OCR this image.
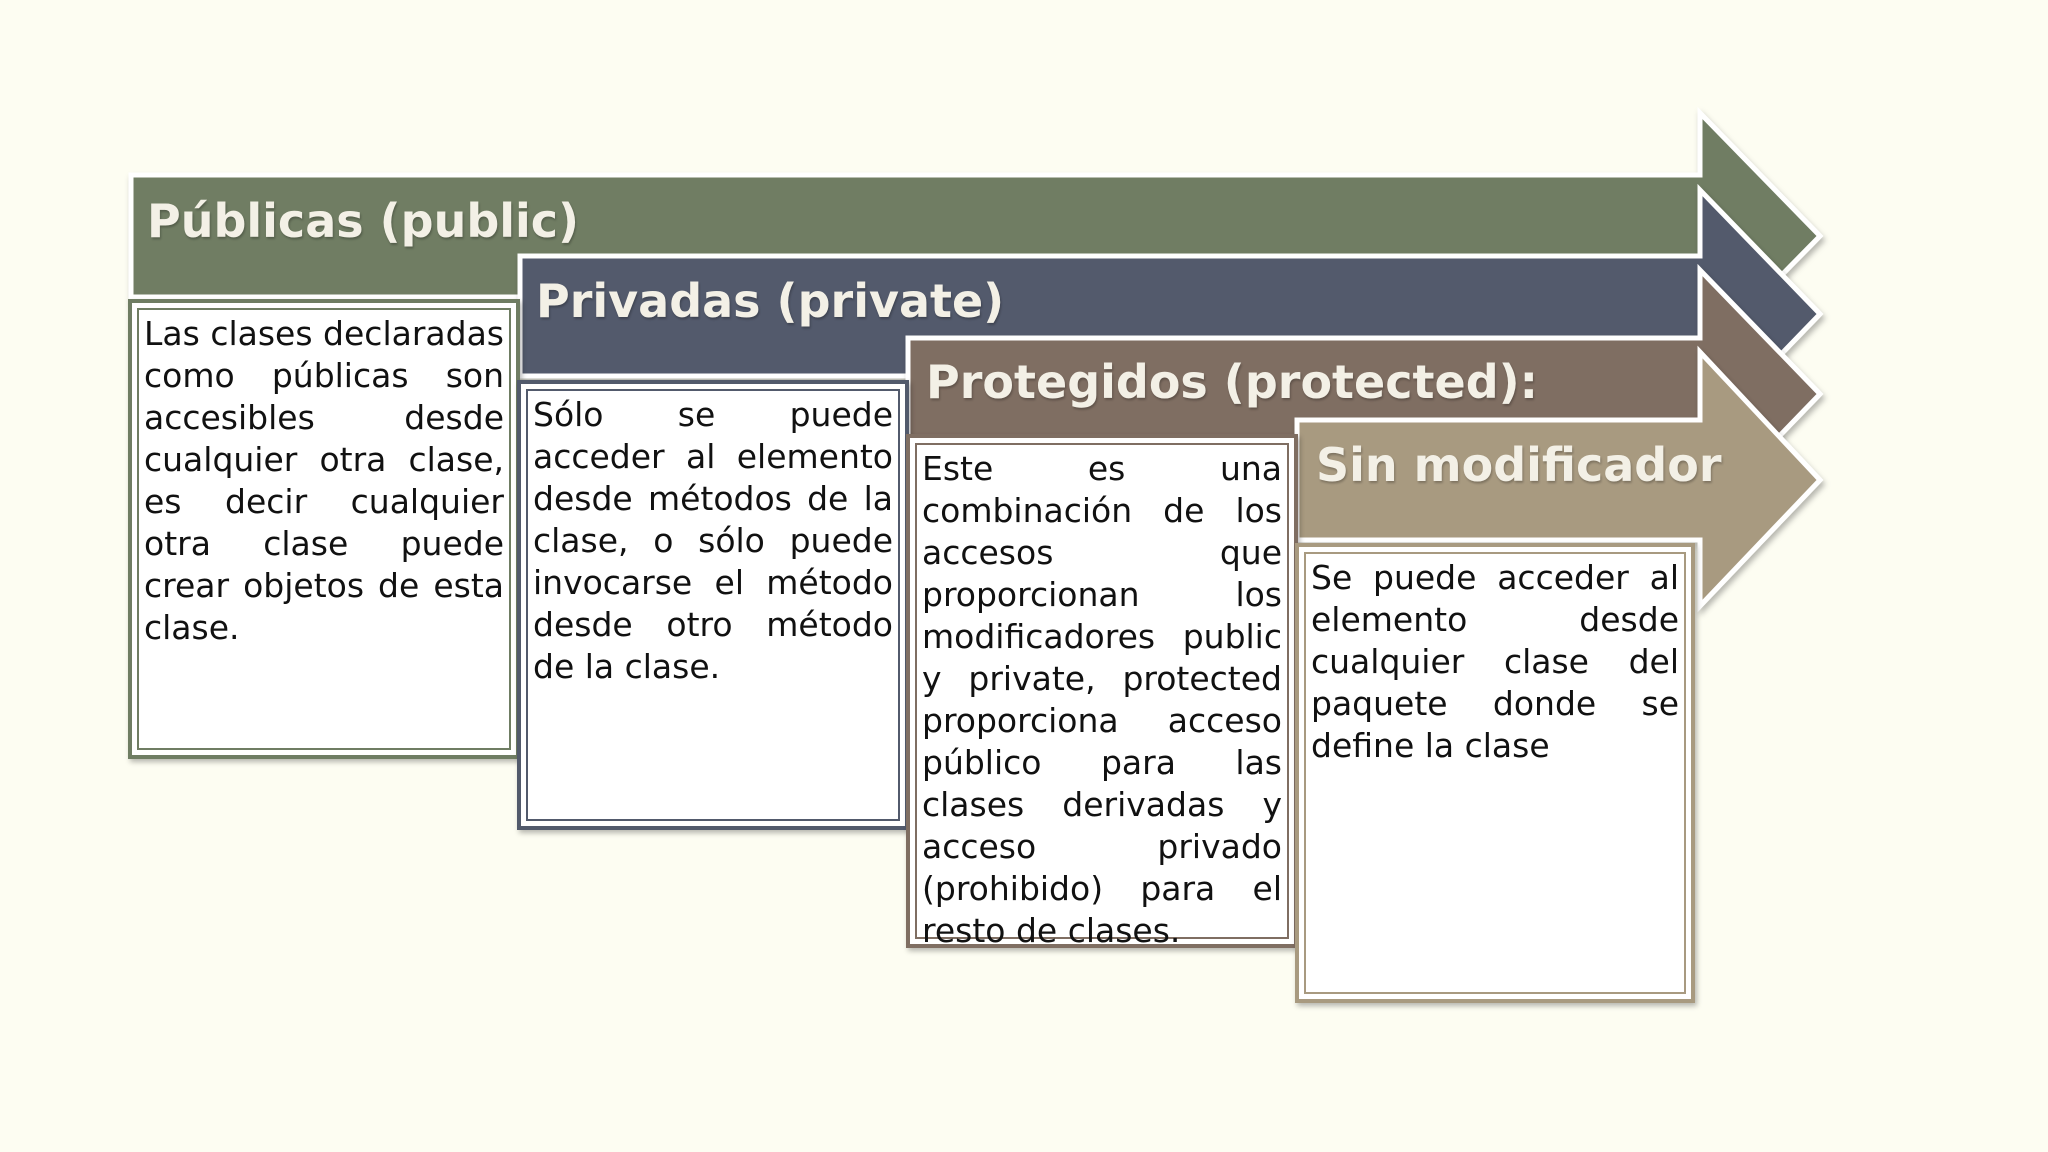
Las clases declaradas como públicas son accesibles desde cualquier otra clase, es decir cualquier otra clase puede crear objetos de esta clase.
Sólo se puede acceder al elemento desde métodos de la clase, o sólo puede invocarse el método desde otro método de la clase.
Este es una combinación de los accesos que proporcionan los modificadores public y private, protected proporciona acceso público para las clases derivadas y acceso privado (prohibido) para el resto de clases.
Se puede acceder al elemento desde cualquier clase del paquete donde se define la clase
Públicas (public)
Privadas (private)
Protegidos (protected):
Sin modificador
